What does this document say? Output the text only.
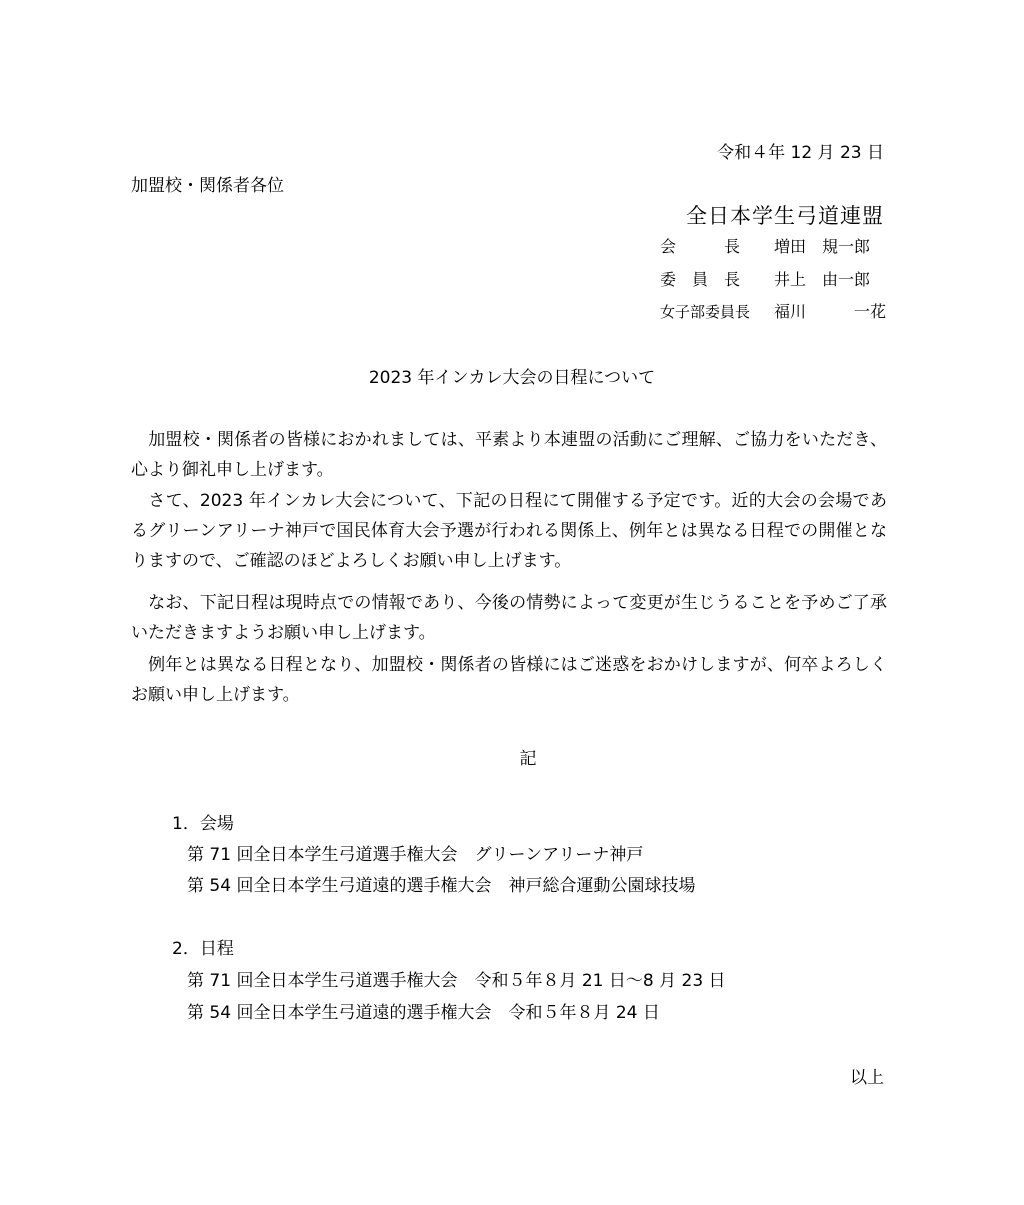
令和４年 12 月 23 日
加盟校・関係者各位
全日本学生弓道連盟
会　　　長 増田　規一郎
委　員　長 井上　由一郎
女子部委員長 福川　　　一花
2023 年インカレ大会の日程について
　加盟校・関係者の皆様におかれましては、平素より本連盟の活動にご理解、ご協力をいただき、心より御礼申し上げます。
　さて、2023 年インカレ大会について、下記の日程にて開催する予定です。近的大会の会場であるグリーンアリーナ神戸で国民体育大会予選が行われる関係上、例年とは異なる日程での開催となりますので、ご確認のほどよろしくお願い申し上げます。
　なお、下記日程は現時点での情報であり、今後の情勢によって変更が生じうることを予めご了承いただきますようお願い申し上げます。
　例年とは異なる日程となり、加盟校・関係者の皆様にはご迷惑をおかけしますが、何卒よろしくお願い申し上げます。
記
1．会場
第 71 回全日本学生弓道選手権大会 グリーンアリーナ神戸
第 54 回全日本学生弓道遠的選手権大会 神戸総合運動公園球技場
2．日程
第 71 回全日本学生弓道選手権大会 令和５年８月 21 日〜8 月 23 日
第 54 回全日本学生弓道遠的選手権大会 令和５年８月 24 日
以上
